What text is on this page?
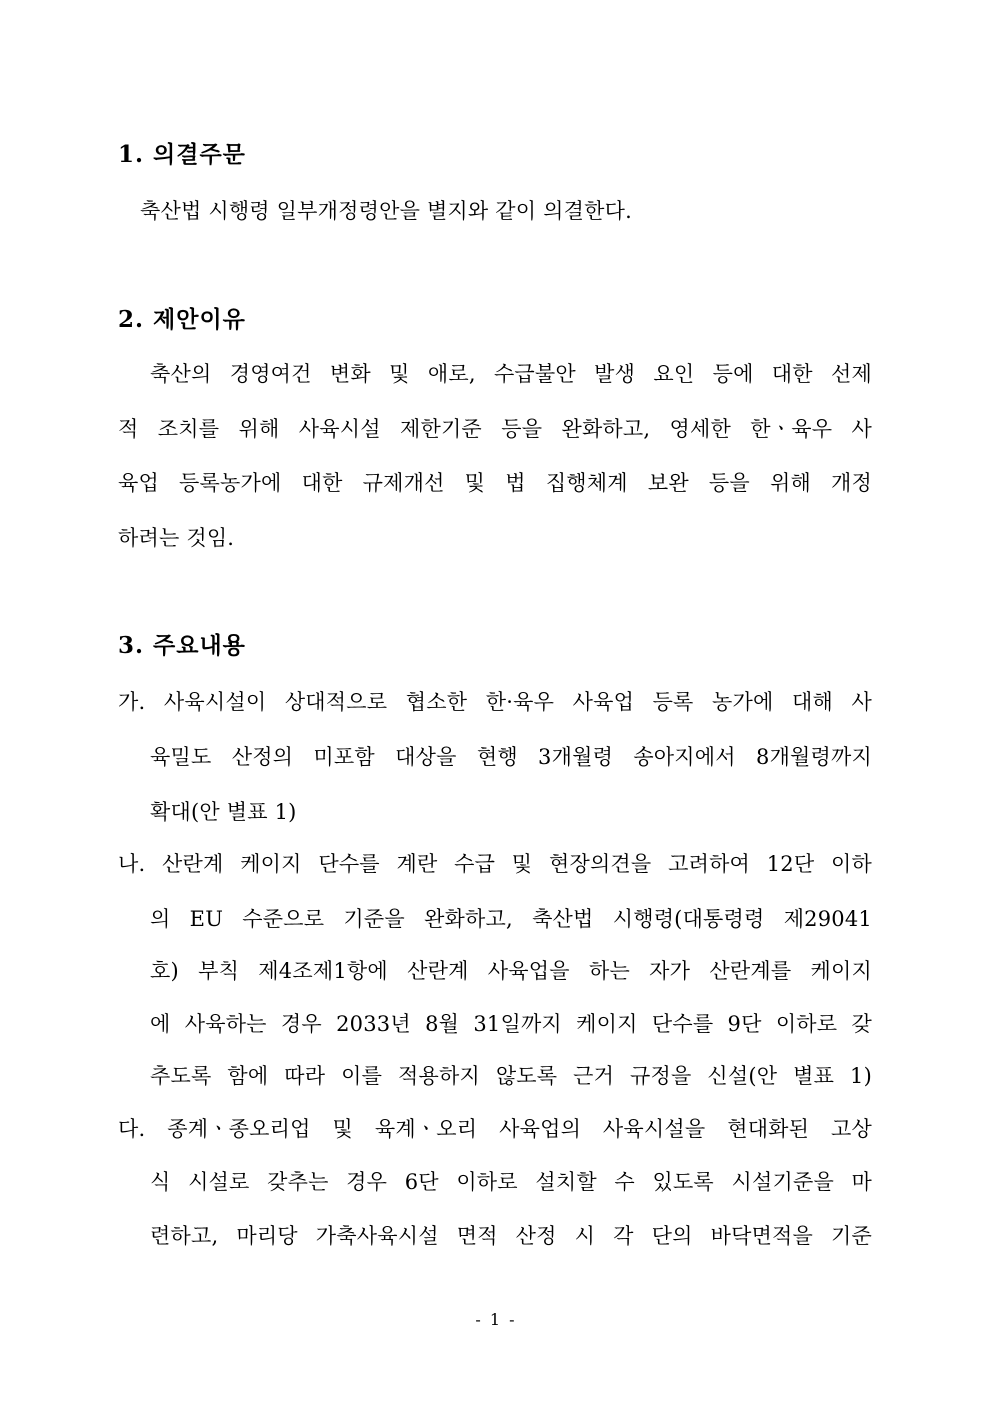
1. 의결주문
축산법 시행령 일부개정령안을 별지와 같이 의결한다.
2. 제안이유
축산의 경영여건 변화 및 애로, 수급불안 발생 요인 등에 대한 선제
적 조치를 위해 사육시설 제한기준 등을 완화하고, 영세한 한ㆍ육우 사
육업 등록농가에 대한 규제개선 및 법 집행체계 보완 등을 위해 개정
하려는 것임.
3. 주요내용
가. 사육시설이 상대적으로 협소한 한·육우 사육업 등록 농가에 대해 사
육밀도 산정의 미포함 대상을 현행 3개월령 송아지에서 8개월령까지
확대(안 별표 1)
나. 산란계 케이지 단수를 계란 수급 및 현장의견을 고려하여 12단 이하
의 EU 수준으로 기준을 완화하고, 축산법 시행령(대통령령 제29041
호) 부칙 제4조제1항에 산란계 사육업을 하는 자가 산란계를 케이지
에 사육하는 경우 2033년 8월 31일까지 케이지 단수를 9단 이하로 갖
추도록 함에 따라 이를 적용하지 않도록 근거 규정을 신설(안 별표 1)
다. 종계ㆍ종오리업 및 육계ㆍ오리 사육업의 사육시설을 현대화된 고상
식 시설로 갖추는 경우 6단 이하로 설치할 수 있도록 시설기준을 마
련하고, 마리당 가축사육시설 면적 산정 시 각 단의 바닥면적을 기준
- 1 -
